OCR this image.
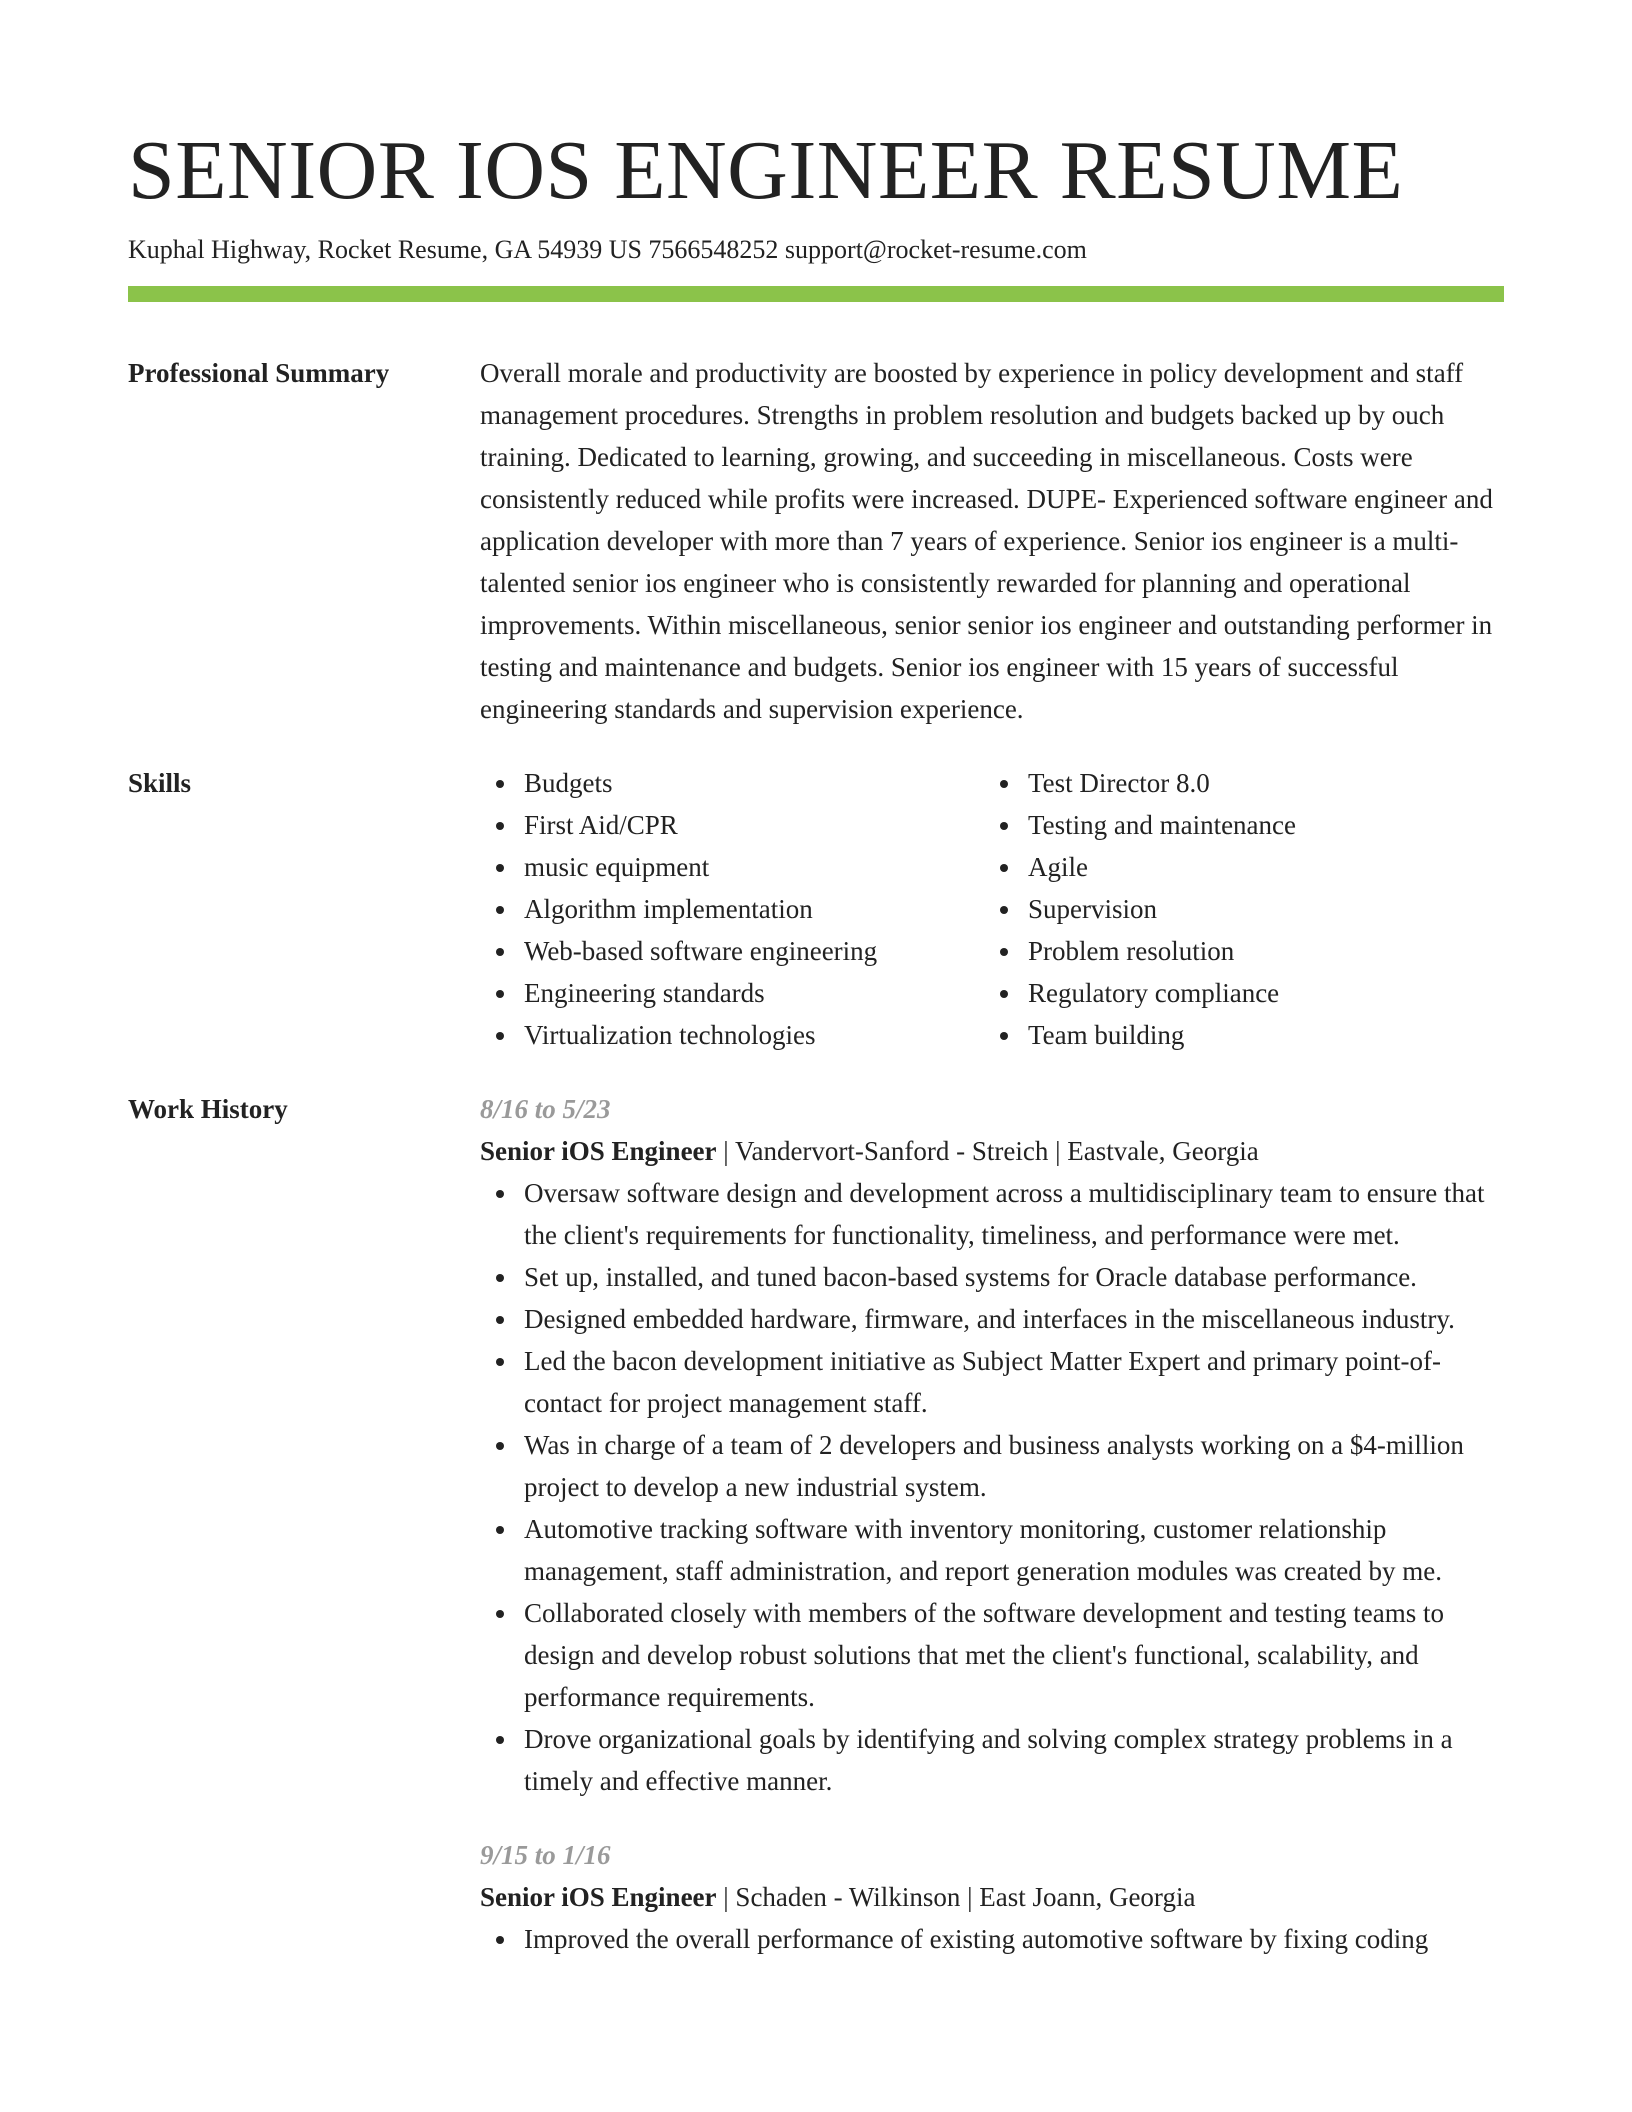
SENIOR IOS ENGINEER RESUME
Kuphal Highway, Rocket Resume, GA 54939 US 7566548252 support@rocket-resume.com
Professional Summary	Overall morale and productivity are boosted by experience in policy development and staff management procedures. Strengths in problem resolution and budgets backed up by ouch training. Dedicated to learning, growing, and succeeding in miscellaneous. Costs were consistently reduced while profits were increased. DUPE- Experienced software engineer and application developer with more than 7 years of experience. Senior ios engineer is a multi-talented senior ios engineer who is consistently rewarded for planning and operational improvements. Within miscellaneous, senior senior ios engineer and outstanding performer in testing and maintenance and budgets. Senior ios engineer with 15 years of successful engineering standards and supervision experience.
Skills	Budgets
First Aid/CPR
music equipment
Algorithm implementation
Web-based software engineering
Engineering standards
Virtualization technologies
Test Director 8.0
Testing and maintenance
Agile
Supervision
Problem resolution
Regulatory compliance
Team building
Work History	8/16 to 5/23
Senior iOS Engineer | Vandervort-Sanford - Streich | Eastvale, Georgia
Oversaw software design and development across a multidisciplinary team to ensure that the client's requirements for functionality, timeliness, and performance were met.
Set up, installed, and tuned bacon-based systems for Oracle database performance.
Designed embedded hardware, firmware, and interfaces in the miscellaneous industry.
Led the bacon development initiative as Subject Matter Expert and primary point-of-contact for project management staff.
Was in charge of a team of 2 developers and business analysts working on a $4-million project to develop a new industrial system.
Automotive tracking software with inventory monitoring, customer relationship management, staff administration, and report generation modules was created by me.
Collaborated closely with members of the software development and testing teams to design and develop robust solutions that met the client's functional, scalability, and performance requirements.
Drove organizational goals by identifying and solving complex strategy problems in a timely and effective manner.
9/15 to 1/16
Senior iOS Engineer | Schaden - Wilkinson | East Joann, Georgia
Improved the overall performance of existing automotive software by fixing coding
